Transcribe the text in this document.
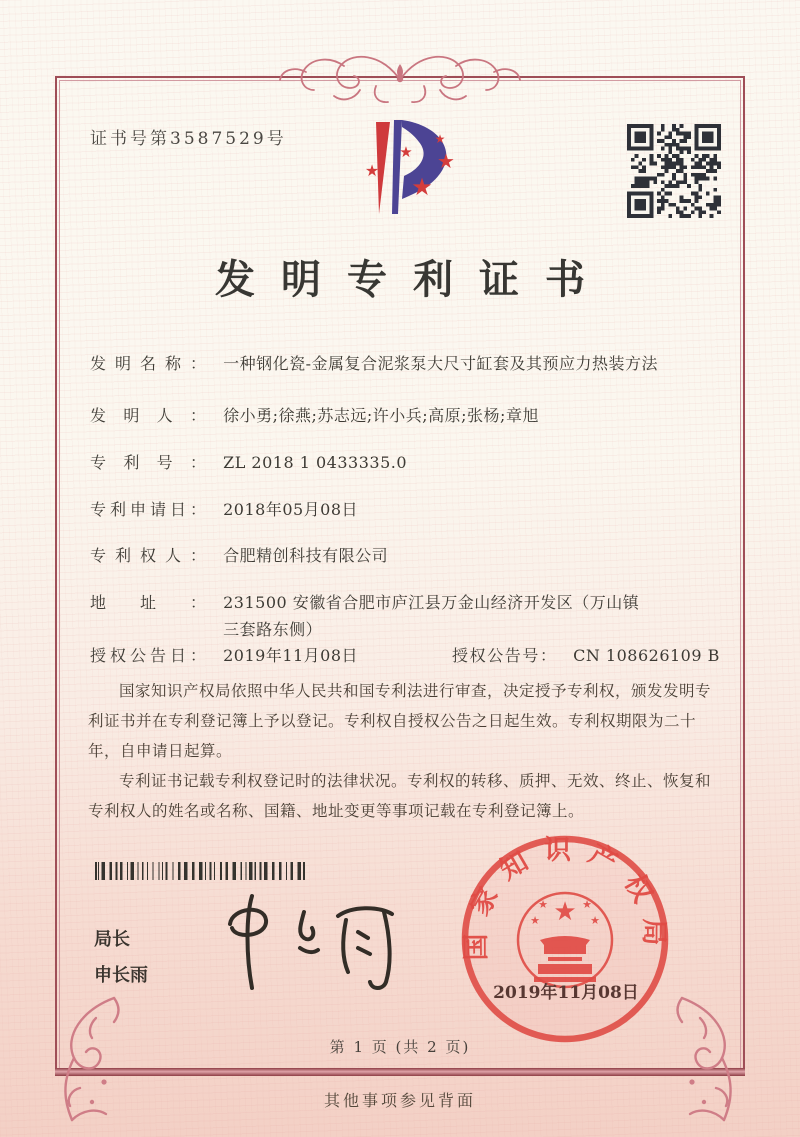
证书号第3587529号	★
★ ★
★
★
发明专利证书
发明名称： 一种钢化瓷-金属复合泥浆泵大尺寸缸套及其预应力热装方法
发明人： 徐小勇;徐燕;苏志远;许小兵;高原;张杨;章旭
专利号： ZL 2018 1 0433335.0
专利申请日： 2018年05月08日
专利权人： 合肥精创科技有限公司
地址： 231500 安徽省合肥市庐江县万金山经济开发区（万山镇
三套路东侧）
授权公告日： 2019年11月08日	授权公告号： CN 108626109 B

国家知识产权局依照中华人民共和国专利法进行审查，决定授予专利权，颁发发明专利证书并在专利登记簿上予以登记。专利权自授权公告之日起生效。专利权期限为二十年，自申请日起算。

专利证书记载专利权登记时的法律状况。专利权的转移、质押、无效、终止、恢复和专利权人的姓名或名称、国籍、地址变更等事项记载在专利登记簿上。

局长
申长雨
国家知识产权局
★
★	★
★	★
2019年11月08日
第 1 页 (共 2 页)
其他事项参见背面
